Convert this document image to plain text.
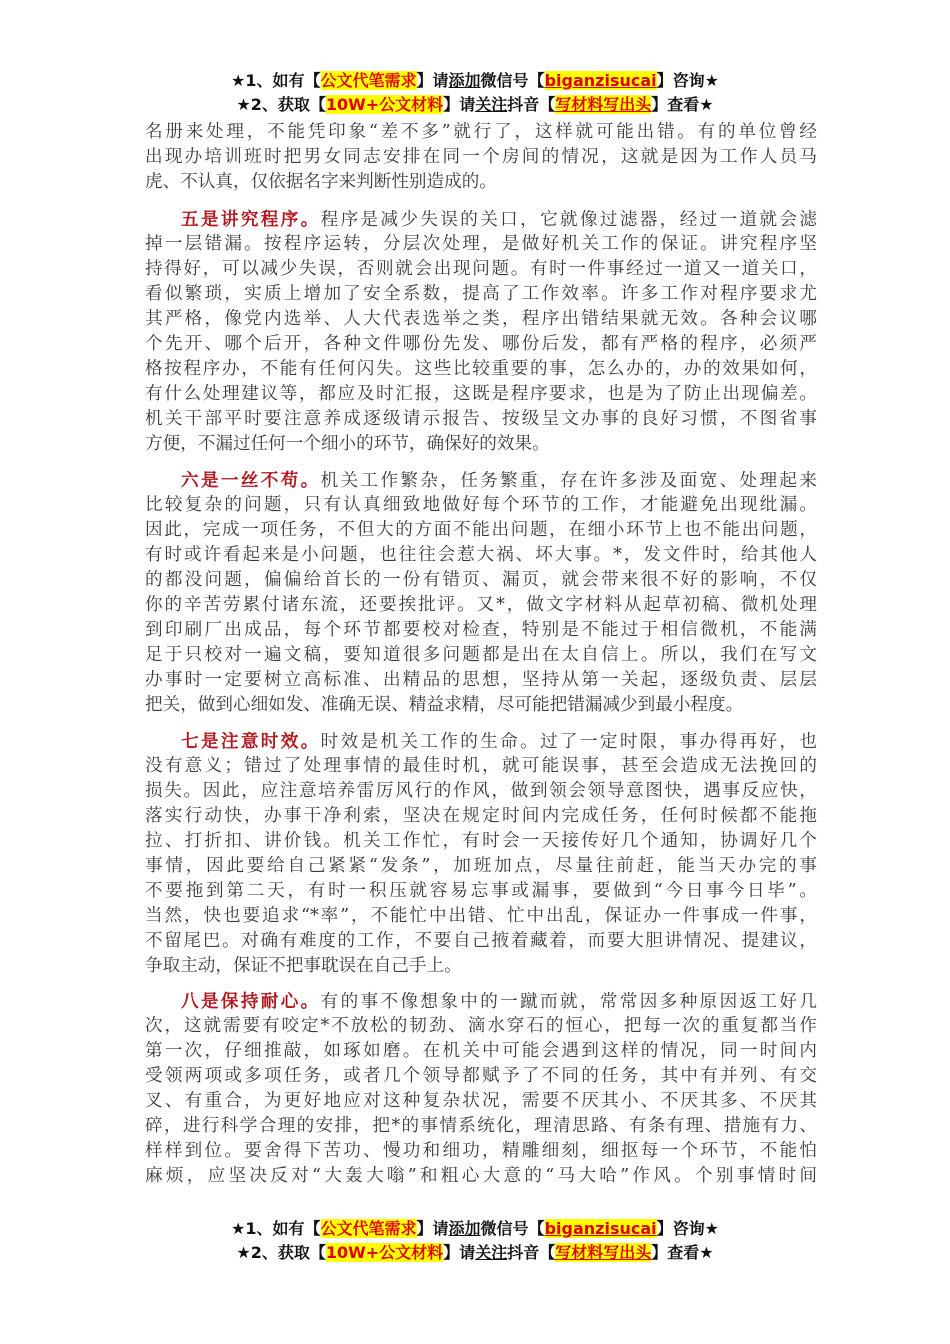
★1、如有【公文代笔需求】请添加微信号【biganzisucai】咨询★
★2、获取【10W+公文材料】请关注抖音【写材料写出头】查看★
名册来处理，不能凭印象“差不多”就行了，这样就可能出错。有的单位曾经
出现办培训班时把男女同志安排在同一个房间的情况，这就是因为工作人员马
虎、不认真，仅依据名字来判断性别造成的。
五是讲究程序。程序是减少失误的关口，它就像过滤器，经过一道就会滤
掉一层错漏。按程序运转，分层次处理，是做好机关工作的保证。讲究程序坚
持得好，可以减少失误，否则就会出现问题。有时一件事经过一道又一道关口，
看似繁琐，实质上增加了安全系数，提高了工作效率。许多工作对程序要求尤
其严格，像党内选举、人大代表选举之类，程序出错结果就无效。各种会议哪
个先开、哪个后开，各种文件哪份先发、哪份后发，都有严格的程序，必须严
格按程序办，不能有任何闪失。这些比较重要的事，怎么办的，办的效果如何，
有什么处理建议等，都应及时汇报，这既是程序要求，也是为了防止出现偏差。
机关干部平时要注意养成逐级请示报告、按级呈文办事的良好习惯，不图省事
方便，不漏过任何一个细小的环节，确保好的效果。
六是一丝不苟。机关工作繁杂，任务繁重，存在许多涉及面宽、处理起来
比较复杂的问题，只有认真细致地做好每个环节的工作，才能避免出现纰漏。
因此，完成一项任务，不但大的方面不能出问题，在细小环节上也不能出问题，
有时或许看起来是小问题，也往往会惹大祸、坏大事。*，发文件时，给其他人
的都没问题，偏偏给首长的一份有错页、漏页，就会带来很不好的影响，不仅
你的辛苦劳累付诸东流，还要挨批评。又*，做文字材料从起草初稿、微机处理
到印刷厂出成品，每个环节都要校对检查，特别是不能过于相信微机，不能满
足于只校对一遍文稿，要知道很多问题都是出在太自信上。所以，我们在写文
办事时一定要树立高标准、出精品的思想，坚持从第一关起，逐级负责、层层
把关，做到心细如发、准确无误、精益求精，尽可能把错漏减少到最小程度。
七是注意时效。时效是机关工作的生命。过了一定时限，事办得再好，也
没有意义；错过了处理事情的最佳时机，就可能误事，甚至会造成无法挽回的
损失。因此，应注意培养雷厉风行的作风，做到领会领导意图快，遇事反应快，
落实行动快，办事干净利索，坚决在规定时间内完成任务，任何时候都不能拖
拉、打折扣、讲价钱。机关工作忙，有时会一天接传好几个通知，协调好几个
事情，因此要给自己紧紧“发条”，加班加点，尽量往前赶，能当天办完的事
不要拖到第二天，有时一积压就容易忘事或漏事，要做到“今日事今日毕”。
当然，快也要追求“*率”，不能忙中出错、忙中出乱，保证办一件事成一件事，
不留尾巴。对确有难度的工作，不要自己掖着藏着，而要大胆讲情况、提建议，
争取主动，保证不把事耽误在自己手上。
八是保持耐心。有的事不像想象中的一蹴而就，常常因多种原因返工好几
次，这就需要有咬定*不放松的韧劲、滴水穿石的恒心，把每一次的重复都当作
第一次，仔细推敲，如琢如磨。在机关中可能会遇到这样的情况，同一时间内
受领两项或多项任务，或者几个领导都赋予了不同的任务，其中有并列、有交
叉、有重合，为更好地应对这种复杂状况，需要不厌其小、不厌其多、不厌其
碎，进行科学合理的安排，把*的事情系统化，理清思路、有条有理、措施有力、
样样到位。要舍得下苦功、慢功和细功，精雕细刻，细抠每一个环节，不能怕
麻烦，应坚决反对“大轰大嗡”和粗心大意的“马大哈”作风。个别事情时间
★1、如有【公文代笔需求】请添加微信号【biganzisucai】咨询★
★2、获取【10W+公文材料】请关注抖音【写材料写出头】查看★
